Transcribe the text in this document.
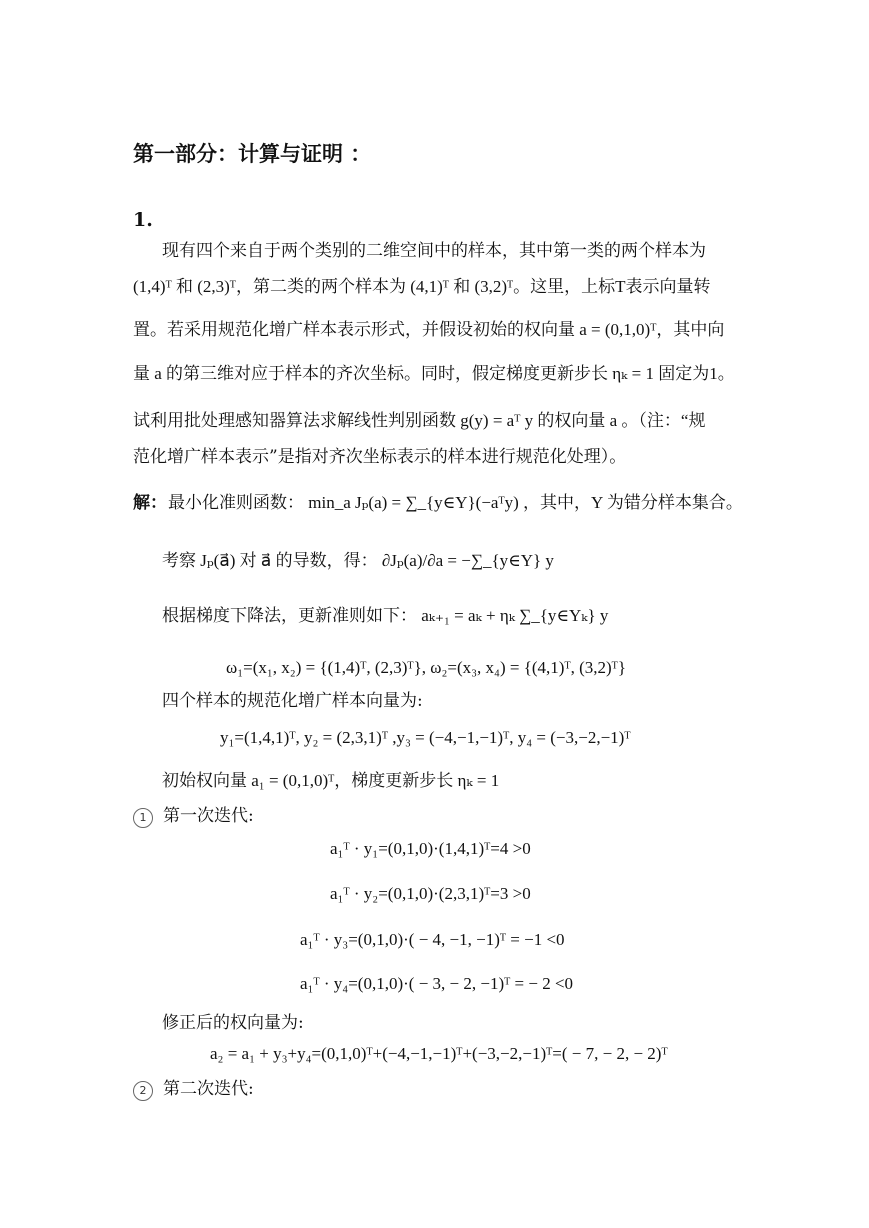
第一部分：计算与证明 ：
1.
现有四个来自于两个类别的二维空间中的样本，其中第一类的两个样本为
(1,4)ᵀ 和 (2,3)ᵀ，第二类的两个样本为 (4,1)ᵀ 和 (3,2)ᵀ。这里，上标T表示向量转
置。若采用规范化增广样本表示形式，并假设初始的权向量 a = (0,1,0)ᵀ，其中向
量 a 的第三维对应于样本的齐次坐标。同时，假定梯度更新步长 ηₖ = 1 固定为1。
试利用批处理感知器算法求解线性判别函数 g(y) = aᵀ y 的权向量 a 。（注：“规
范化增广样本表示”是指对齐次坐标表示的样本进行规范化处理）。
解： 最小化准则函数： min_a Jₚ(a) = ∑_{y∈Y}(−aᵀy) ，其中，Y 为错分样本集合。
考察 Jₚ(a⃗) 对 a⃗ 的导数，得： ∂Jₚ(a)/∂a = −∑_{y∈Y} y
根据梯度下降法，更新准则如下： aₖ₊₁ = aₖ + ηₖ ∑_{y∈Yₖ} y
ω₁=(x₁, x₂) = {(1,4)ᵀ, (2,3)ᵀ}, ω₂=(x₃, x₄) = {(4,1)ᵀ, (3,2)ᵀ}
四个样本的规范化增广样本向量为:
y₁=(1,4,1)ᵀ, y₂ = (2,3,1)ᵀ ,y₃ = (−4,−1,−1)ᵀ, y₄ = (−3,−2,−1)ᵀ
初始权向量 a₁ = (0,1,0)ᵀ，梯度更新步长 ηₖ = 1
1 第一次迭代:
a₁ᵀ · y₁=(0,1,0)·(1,4,1)ᵀ=4 >0
a₁ᵀ · y₂=(0,1,0)·(2,3,1)ᵀ=3 >0
a₁ᵀ · y₃=(0,1,0)·( − 4, −1, −1)ᵀ = −1 <0
a₁ᵀ · y₄=(0,1,0)·( − 3, − 2, −1)ᵀ = − 2 <0
修正后的权向量为:
a₂ = a₁ + y₃+y₄=(0,1,0)ᵀ+(−4,−1,−1)ᵀ+(−3,−2,−1)ᵀ=( − 7, − 2, − 2)ᵀ
2 第二次迭代:
